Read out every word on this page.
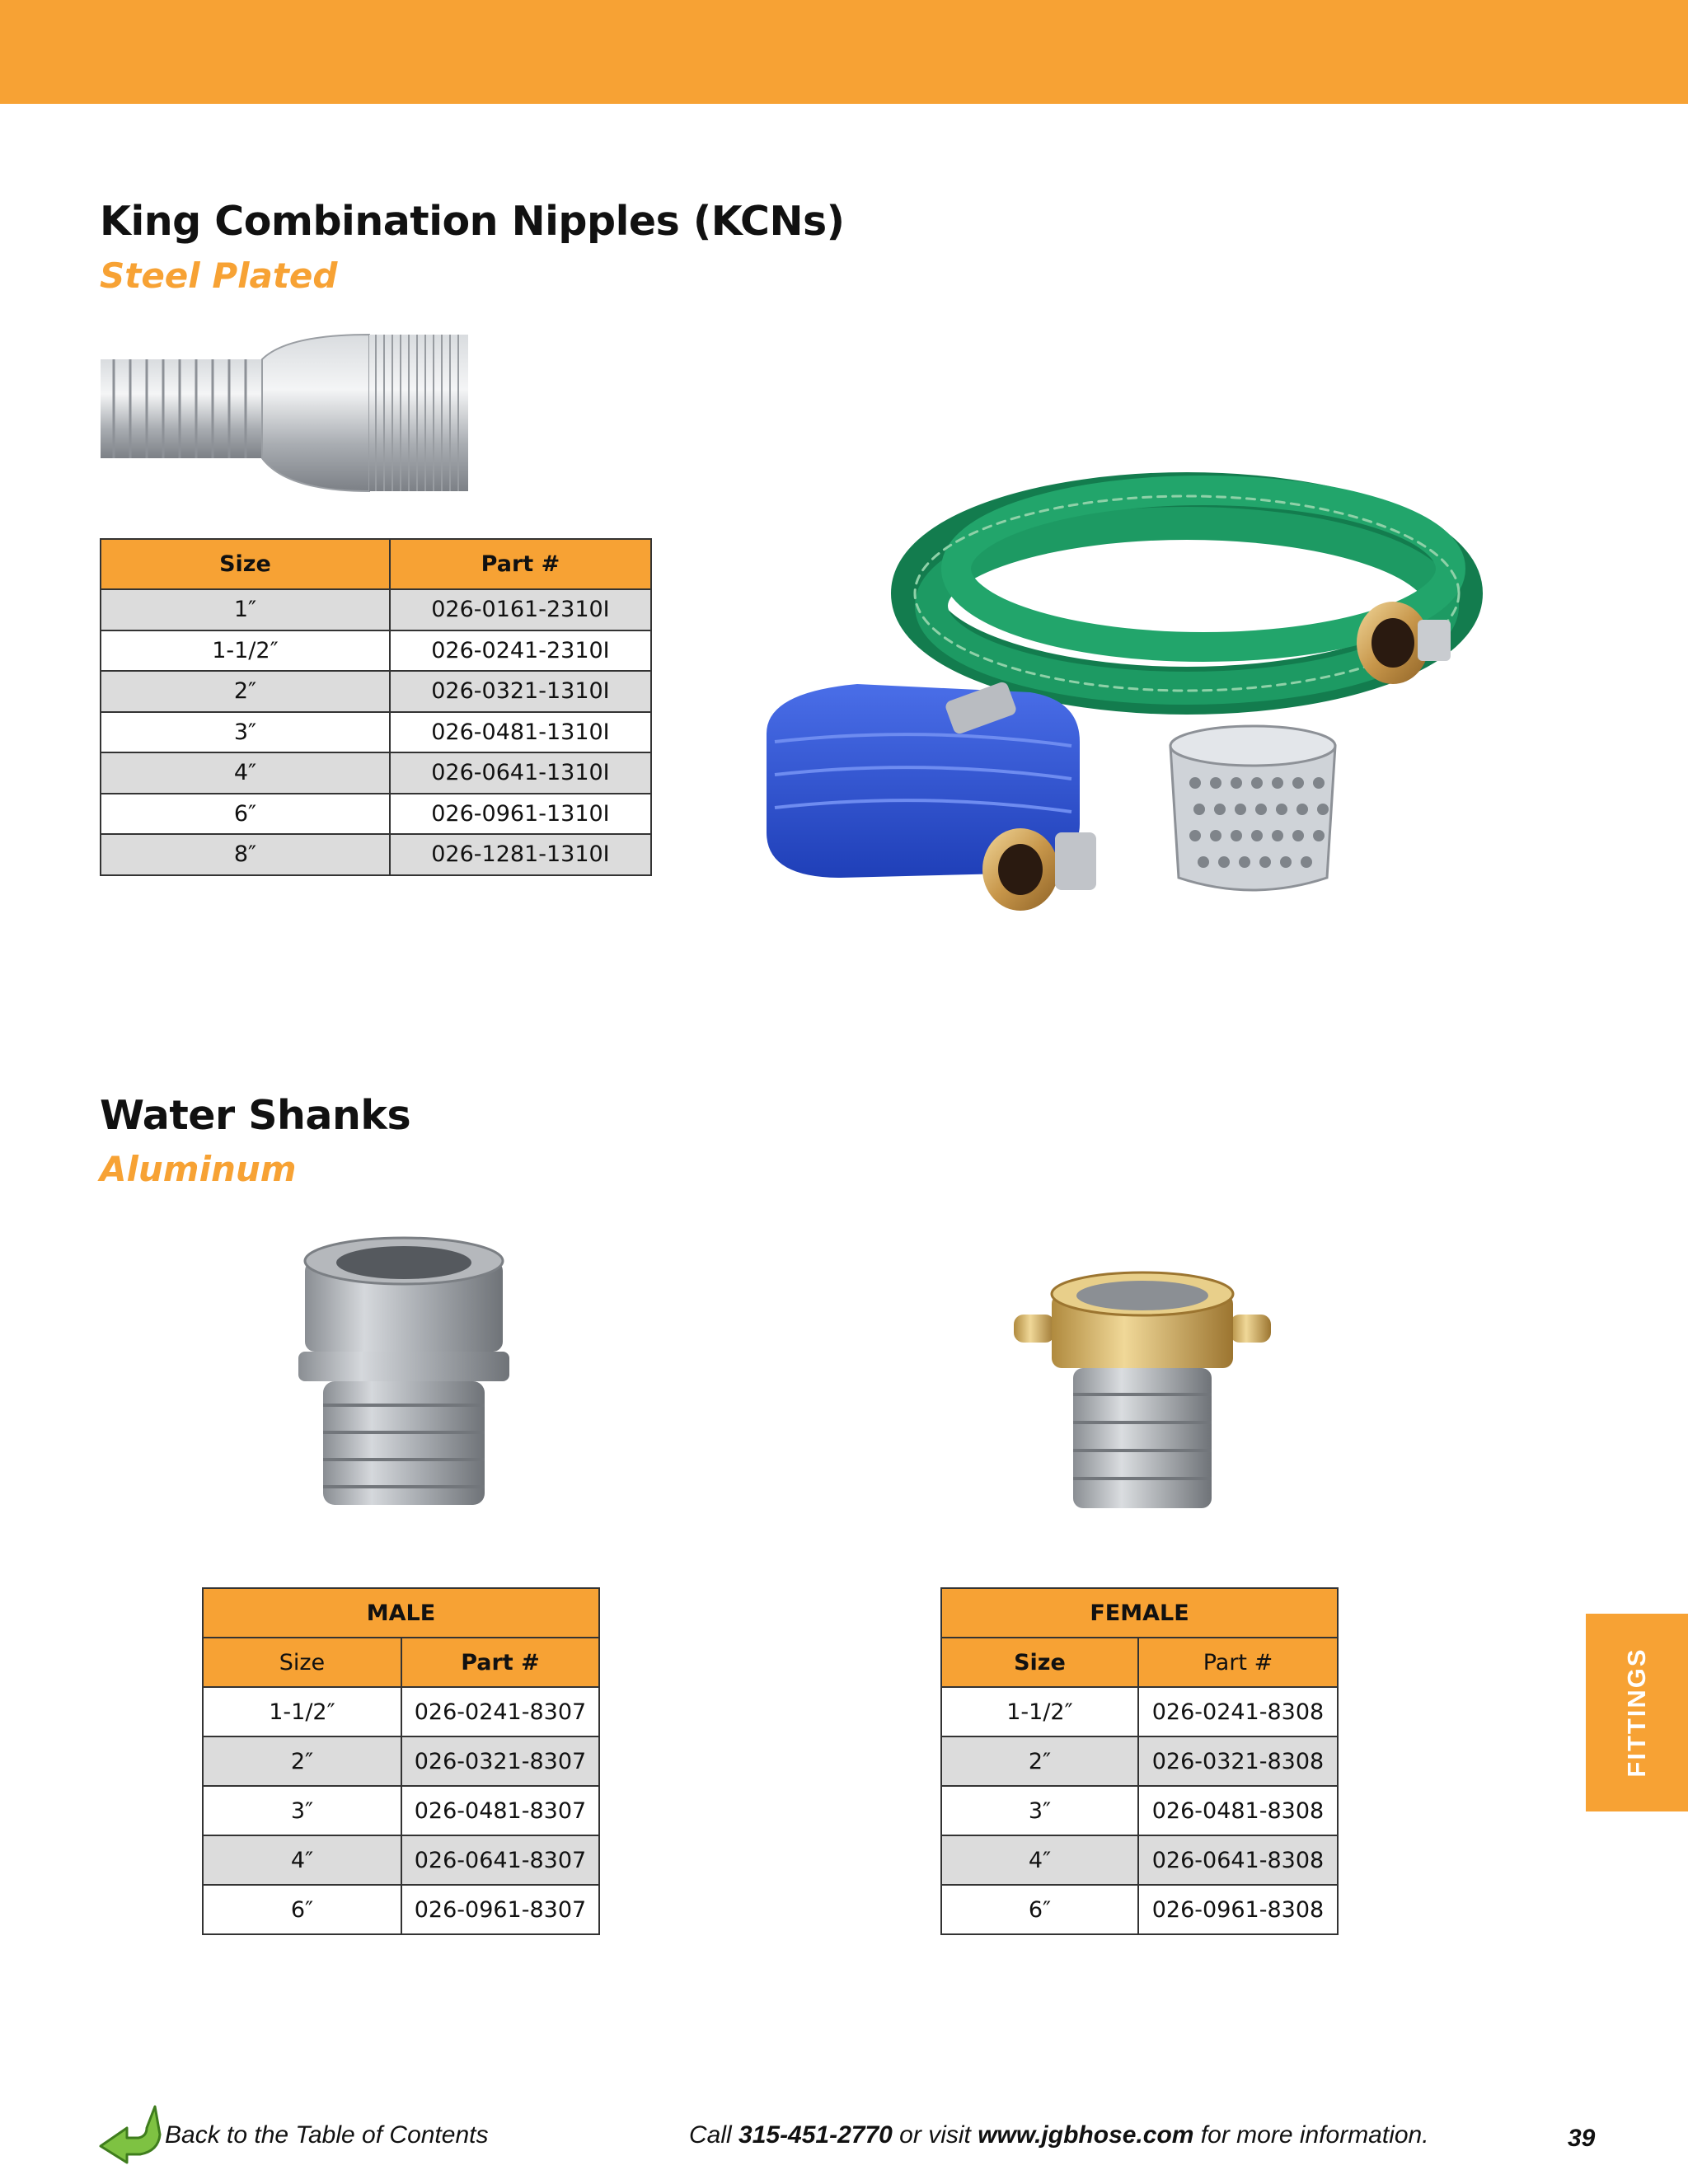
King Combination Nipples (KCNs)
Steel Plated
Size	Part #
1″	026-0161-2310I
1-1/2″	026-0241-2310I
2″	026-0321-1310I
3″	026-0481-1310I
4″	026-0641-1310I
6″	026-0961-1310I
8″	026-1281-1310I
Water Shanks
Aluminum
MALE	
Size	Part #
1-1/2″	026-0241-8307
2″	026-0321-8307
3″	026-0481-8307
4″	026-0641-8307
6″	026-0961-8307
FEMALE	
Size	Part #
1-1/2″	026-0241-8308
2″	026-0321-8308
3″	026-0481-8308
4″	026-0641-8308
6″	026-0961-8308
FITTINGS
Back to the Table of Contents	Call 315-451-2770 or visit www.jgbhose.com for more information.	39
